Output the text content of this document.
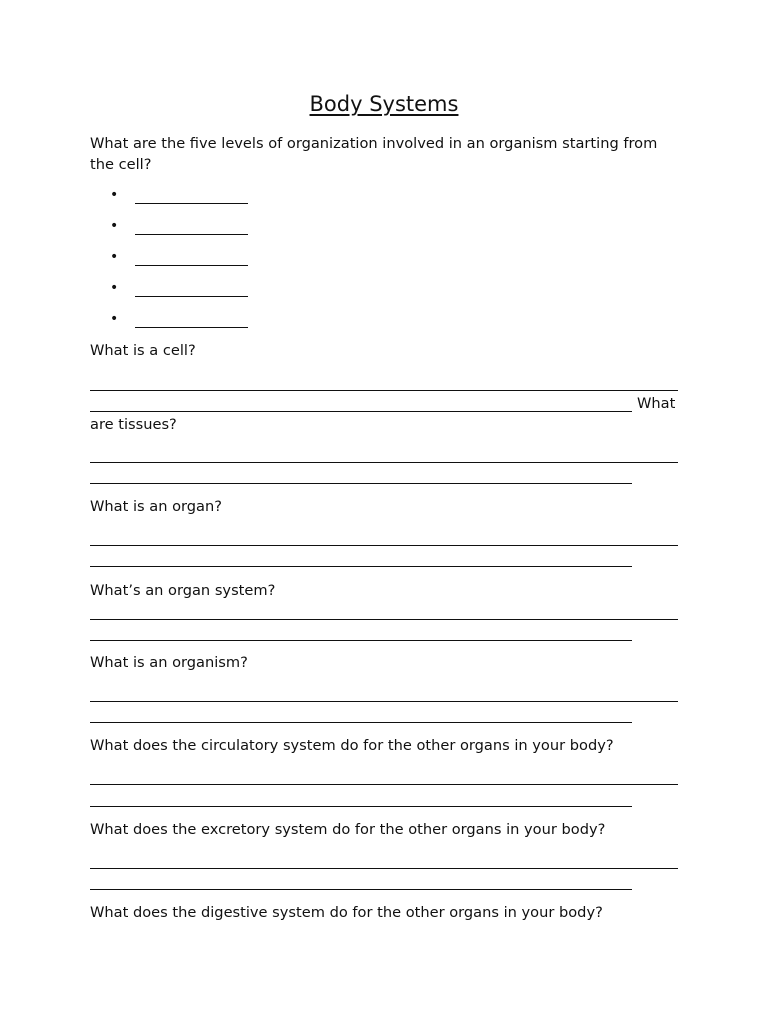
Body Systems
What are the five levels of organization involved in an organism starting from the cell?
•
•
•
•
•
What is a cell?
What
are tissues?
What is an organ?
What’s an organ system?
What is an organism?
What does the circulatory system do for the other organs in your body?
What does the excretory system do for the other organs in your body?
What does the digestive system do for the other organs in your body?
